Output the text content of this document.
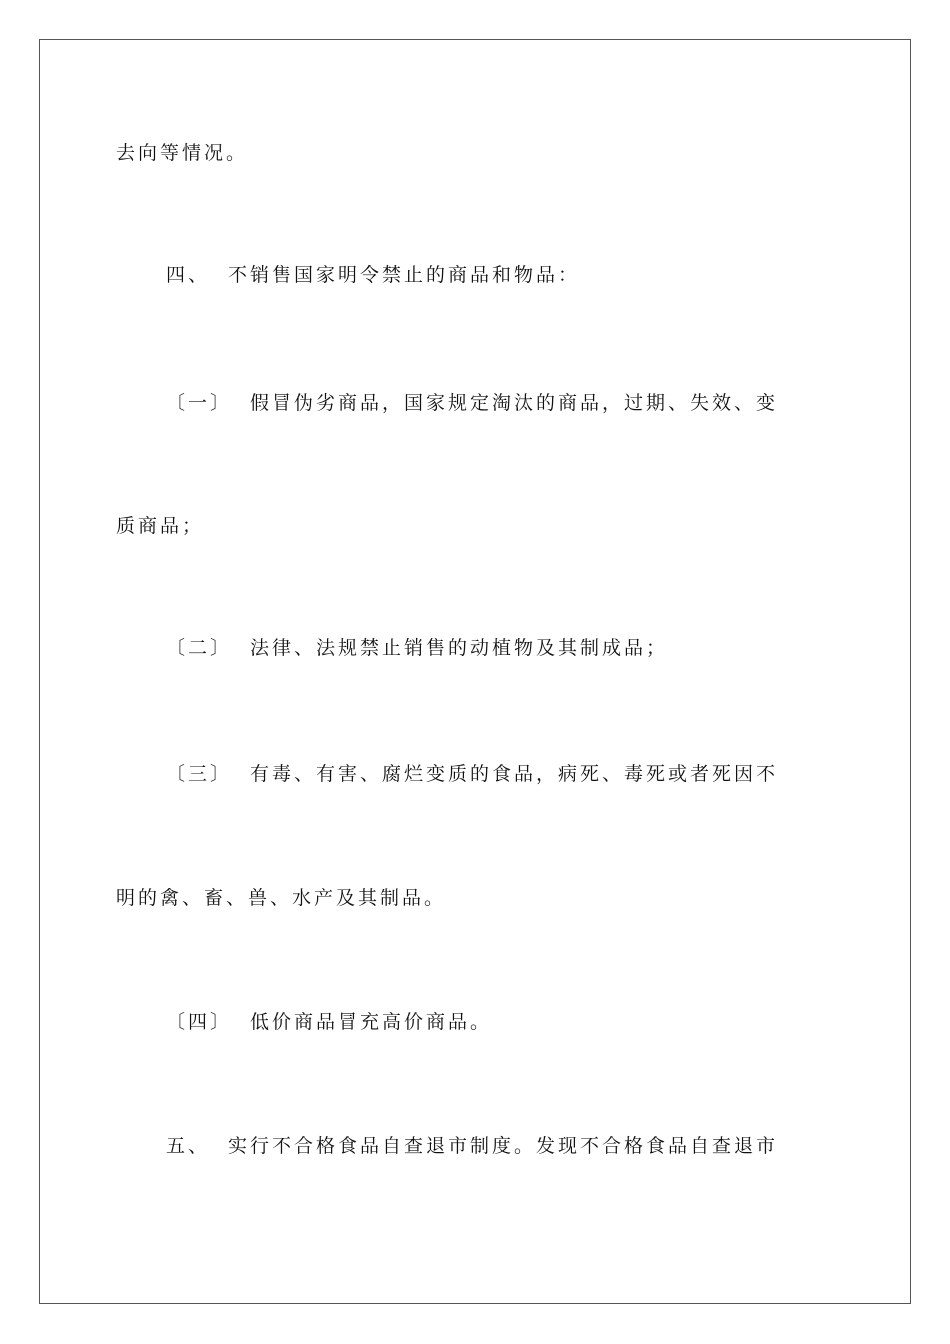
去向等情况。
四、 不销售国家明令禁止的商品和物品：
〔一〕 假冒伪劣商品，国家规定淘汰的商品，过期、失效、变
质商品；
〔二〕 法律、法规禁止销售的动植物及其制成品；
〔三〕 有毒、有害、腐烂变质的食品，病死、毒死或者死因不
明的禽、畜、兽、水产及其制品。
〔四〕 低价商品冒充高价商品。
五、 实行不合格食品自查退市制度。发现不合格食品自查退市
